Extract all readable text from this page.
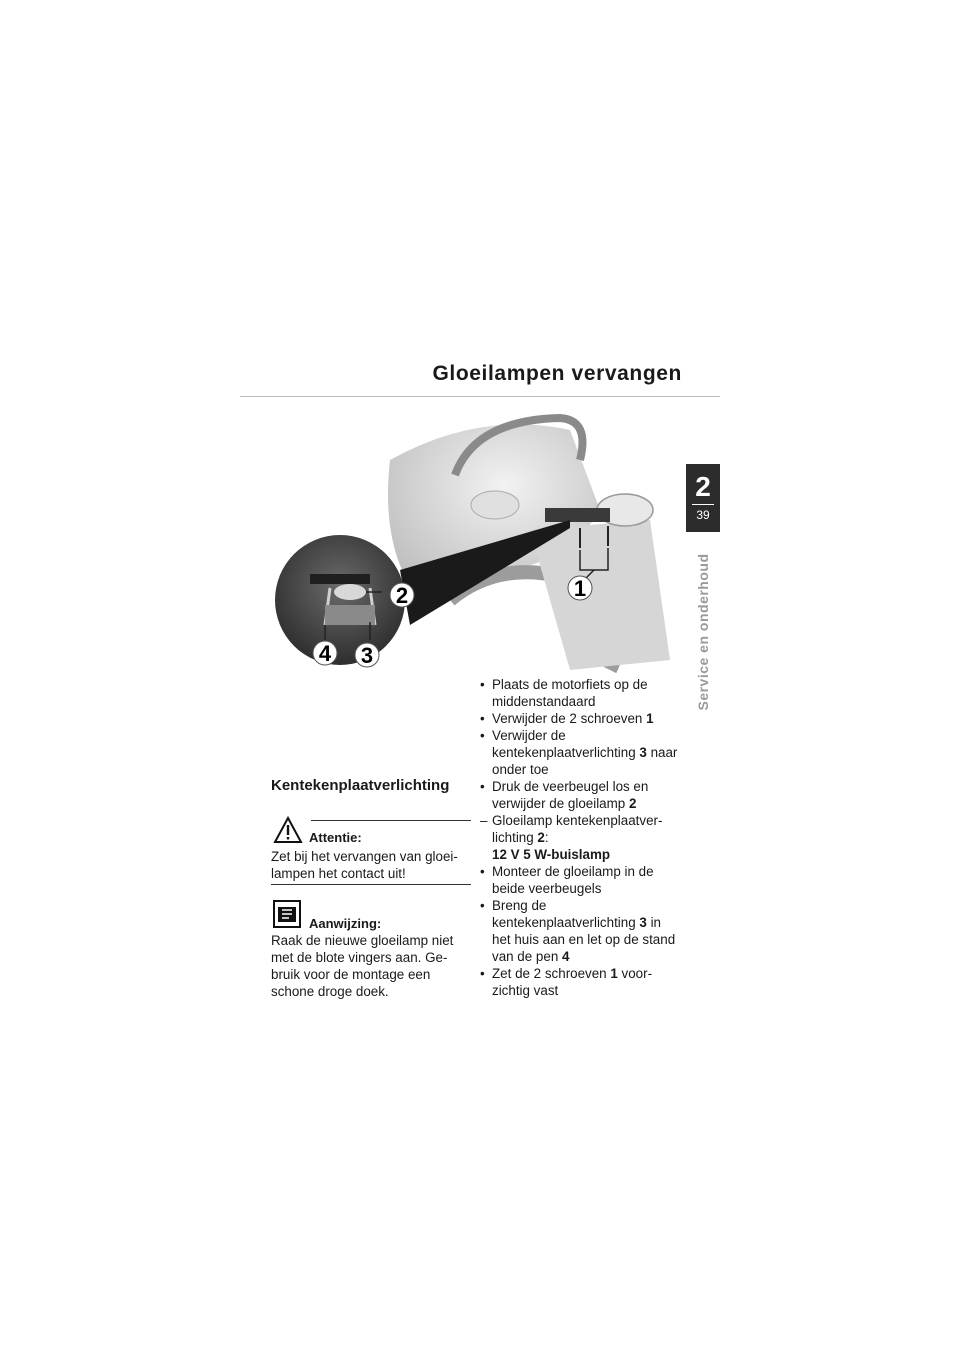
Gloeilampen vervangen
2
39
Service en onderhoud
1
2
3
4
Kentekenplaatverlichting
Attentie:
Zet bij het vervangen van gloei-lampen het contact uit!
Aanwijzing:
Raak de nieuwe gloeilamp niet met de blote vingers aan. Ge-bruik voor de montage een schone droge doek.
• Plaats de motorfiets op de middenstandaard
• Verwijder de 2 schroeven 1
• Verwijder de kentekenplaatverlichting 3 naar onder toe
• Druk de veerbeugel los en verwijder de gloeilamp 2
– Gloeilamp kentekenplaatver-lichting 2:
12 V 5 W-buislamp
• Monteer de gloeilamp in de beide veerbeugels
• Breng de kentekenplaatverlichting 3 in het huis aan en let op de stand van de pen 4
• Zet de 2 schroeven 1 voor-zichtig vast
